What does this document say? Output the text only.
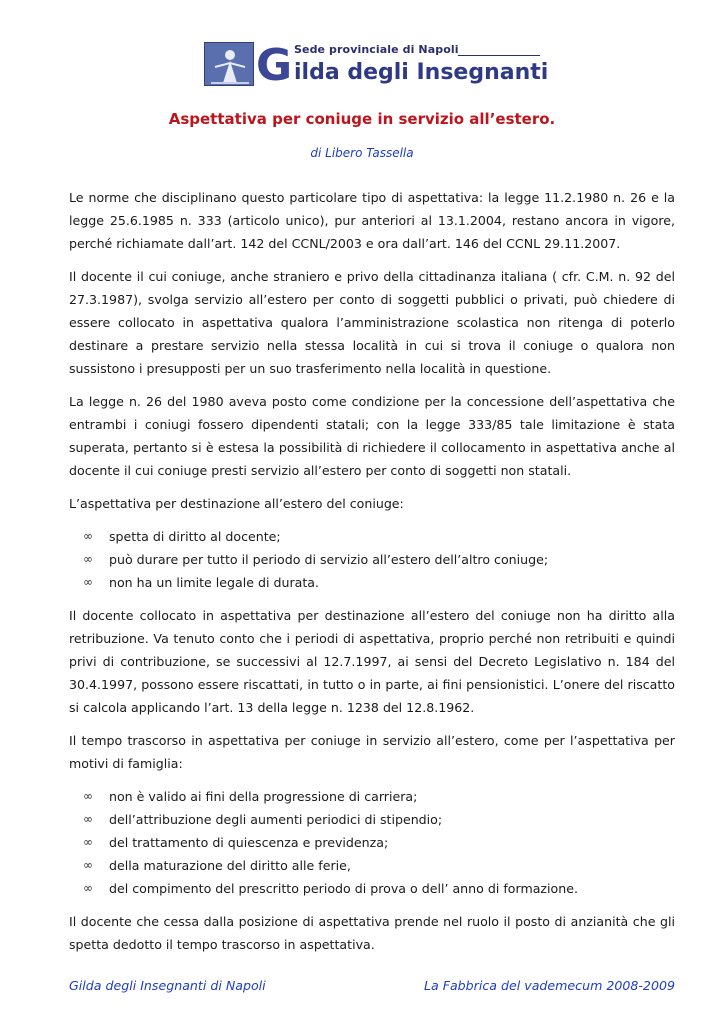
Sede provinciale di Napoli
G ilda degli Insegnanti
Aspettativa per coniuge in servizio all’estero.
di Libero Tassella

Le norme che disciplinano questo particolare tipo di aspettativa: la legge 11.2.1980 n. 26 e la legge 25.6.1985 n. 333 (articolo unico), pur anteriori al 13.1.2004, restano ancora in vigore, perché richiamate dall’art. 142 del CCNL/2003 e ora dall’art. 146 del CCNL 29.11.2007.

Il docente il cui coniuge, anche straniero e privo della cittadinanza italiana ( cfr. C.M. n. 92 del 27.3.1987), svolga servizio all’estero per conto di soggetti pubblici o privati, può chiedere di essere collocato in aspettativa qualora l’amministrazione scolastica non ritenga di poterlo destinare a prestare servizio nella stessa località in cui si trova il coniuge o qualora non sussistono i presupposti per un suo trasferimento nella località in questione.

La legge n. 26 del 1980 aveva posto come condizione per la concessione dell’aspettativa che entrambi i coniugi fossero dipendenti statali; con la legge 333/85 tale limitazione è stata superata, pertanto si è estesa la possibilità di richiedere il collocamento in aspettativa anche al docente il cui coniuge presti servizio all’estero per conto di soggetti non statali.

L’aspettativa per destinazione all’estero del coniuge:

∞ spetta di diritto al docente;
∞ può durare per tutto il periodo di servizio all’estero dell’altro coniuge;
∞ non ha un limite legale di durata.

Il docente collocato in aspettativa per destinazione all’estero del coniuge non ha diritto alla retribuzione. Va tenuto conto che i periodi di aspettativa, proprio perché non retribuiti e quindi privi di contribuzione, se successivi al 12.7.1997, ai sensi del Decreto Legislativo n. 184 del 30.4.1997, possono essere riscattati, in tutto o in parte, ai fini pensionistici. L’onere del riscatto si calcola applicando l’art. 13 della legge n. 1238 del 12.8.1962.

Il tempo trascorso in aspettativa per coniuge in servizio all’estero, come per l’aspettativa per motivi di famiglia:

∞ non è valido ai fini della progressione di carriera;
∞ dell’attribuzione degli aumenti periodici di stipendio;
∞ del trattamento di quiescenza e previdenza;
∞ della maturazione del diritto alle ferie,
∞ del compimento del prescritto periodo di prova o dell’ anno di formazione.

Il docente che cessa dalla posizione di aspettativa prende nel ruolo il posto di anzianità che gli spetta dedotto il tempo trascorso in aspettativa.

Gilda degli Insegnanti di Napoli	La Fabbrica del vademecum 2008-2009
